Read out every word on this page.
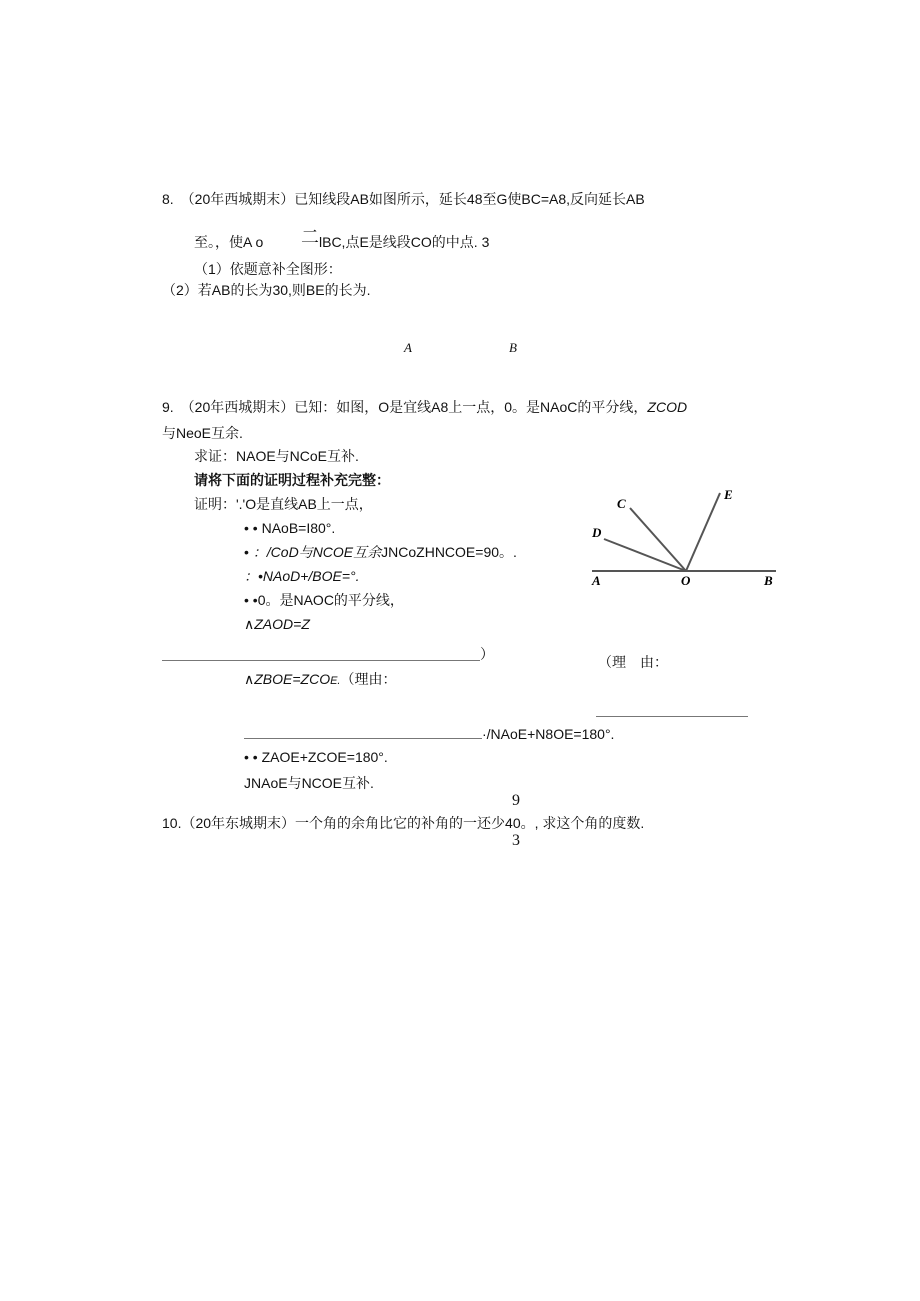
8.　（20年西城期末）已知线段AB如图所示，延长48至G使BC=A8,反向延长AB
至。，使A o 二 lBC,点E是线段CO的中点. 3
（1）依题意补全图形：
（2）若AB的长为30,则BE的长为.
A	B
9.　（20年西城期末）已知：如图，O是宜线A8上一点，0。是NAoC的平分线，ZCOD
与NeoE互余.
求证：NAOE与NCoE互补.
请将下面的证明过程补充完整：
证明：'.'O是直线AB上一点，
• • NAoB=I80°.
• ：/CoD与NCOE互余JNCoZHNCOE=90。.
：•NAoD+/BOE=°.
• •0。是NAOC的平分线，
∧ZAOD=Z
）	（理　由：
∧ZBOE=ZCOE.（理由：
·/NAoE+N8OE=180°.
• • ZAOE+ZCOE=180°.
JNAoE与NCOE互补.
C
D
E
A	O	B
9
10.（20年东城期末）一个角的余角比它的补角的一还少40。, 求这个角的度数.
3
